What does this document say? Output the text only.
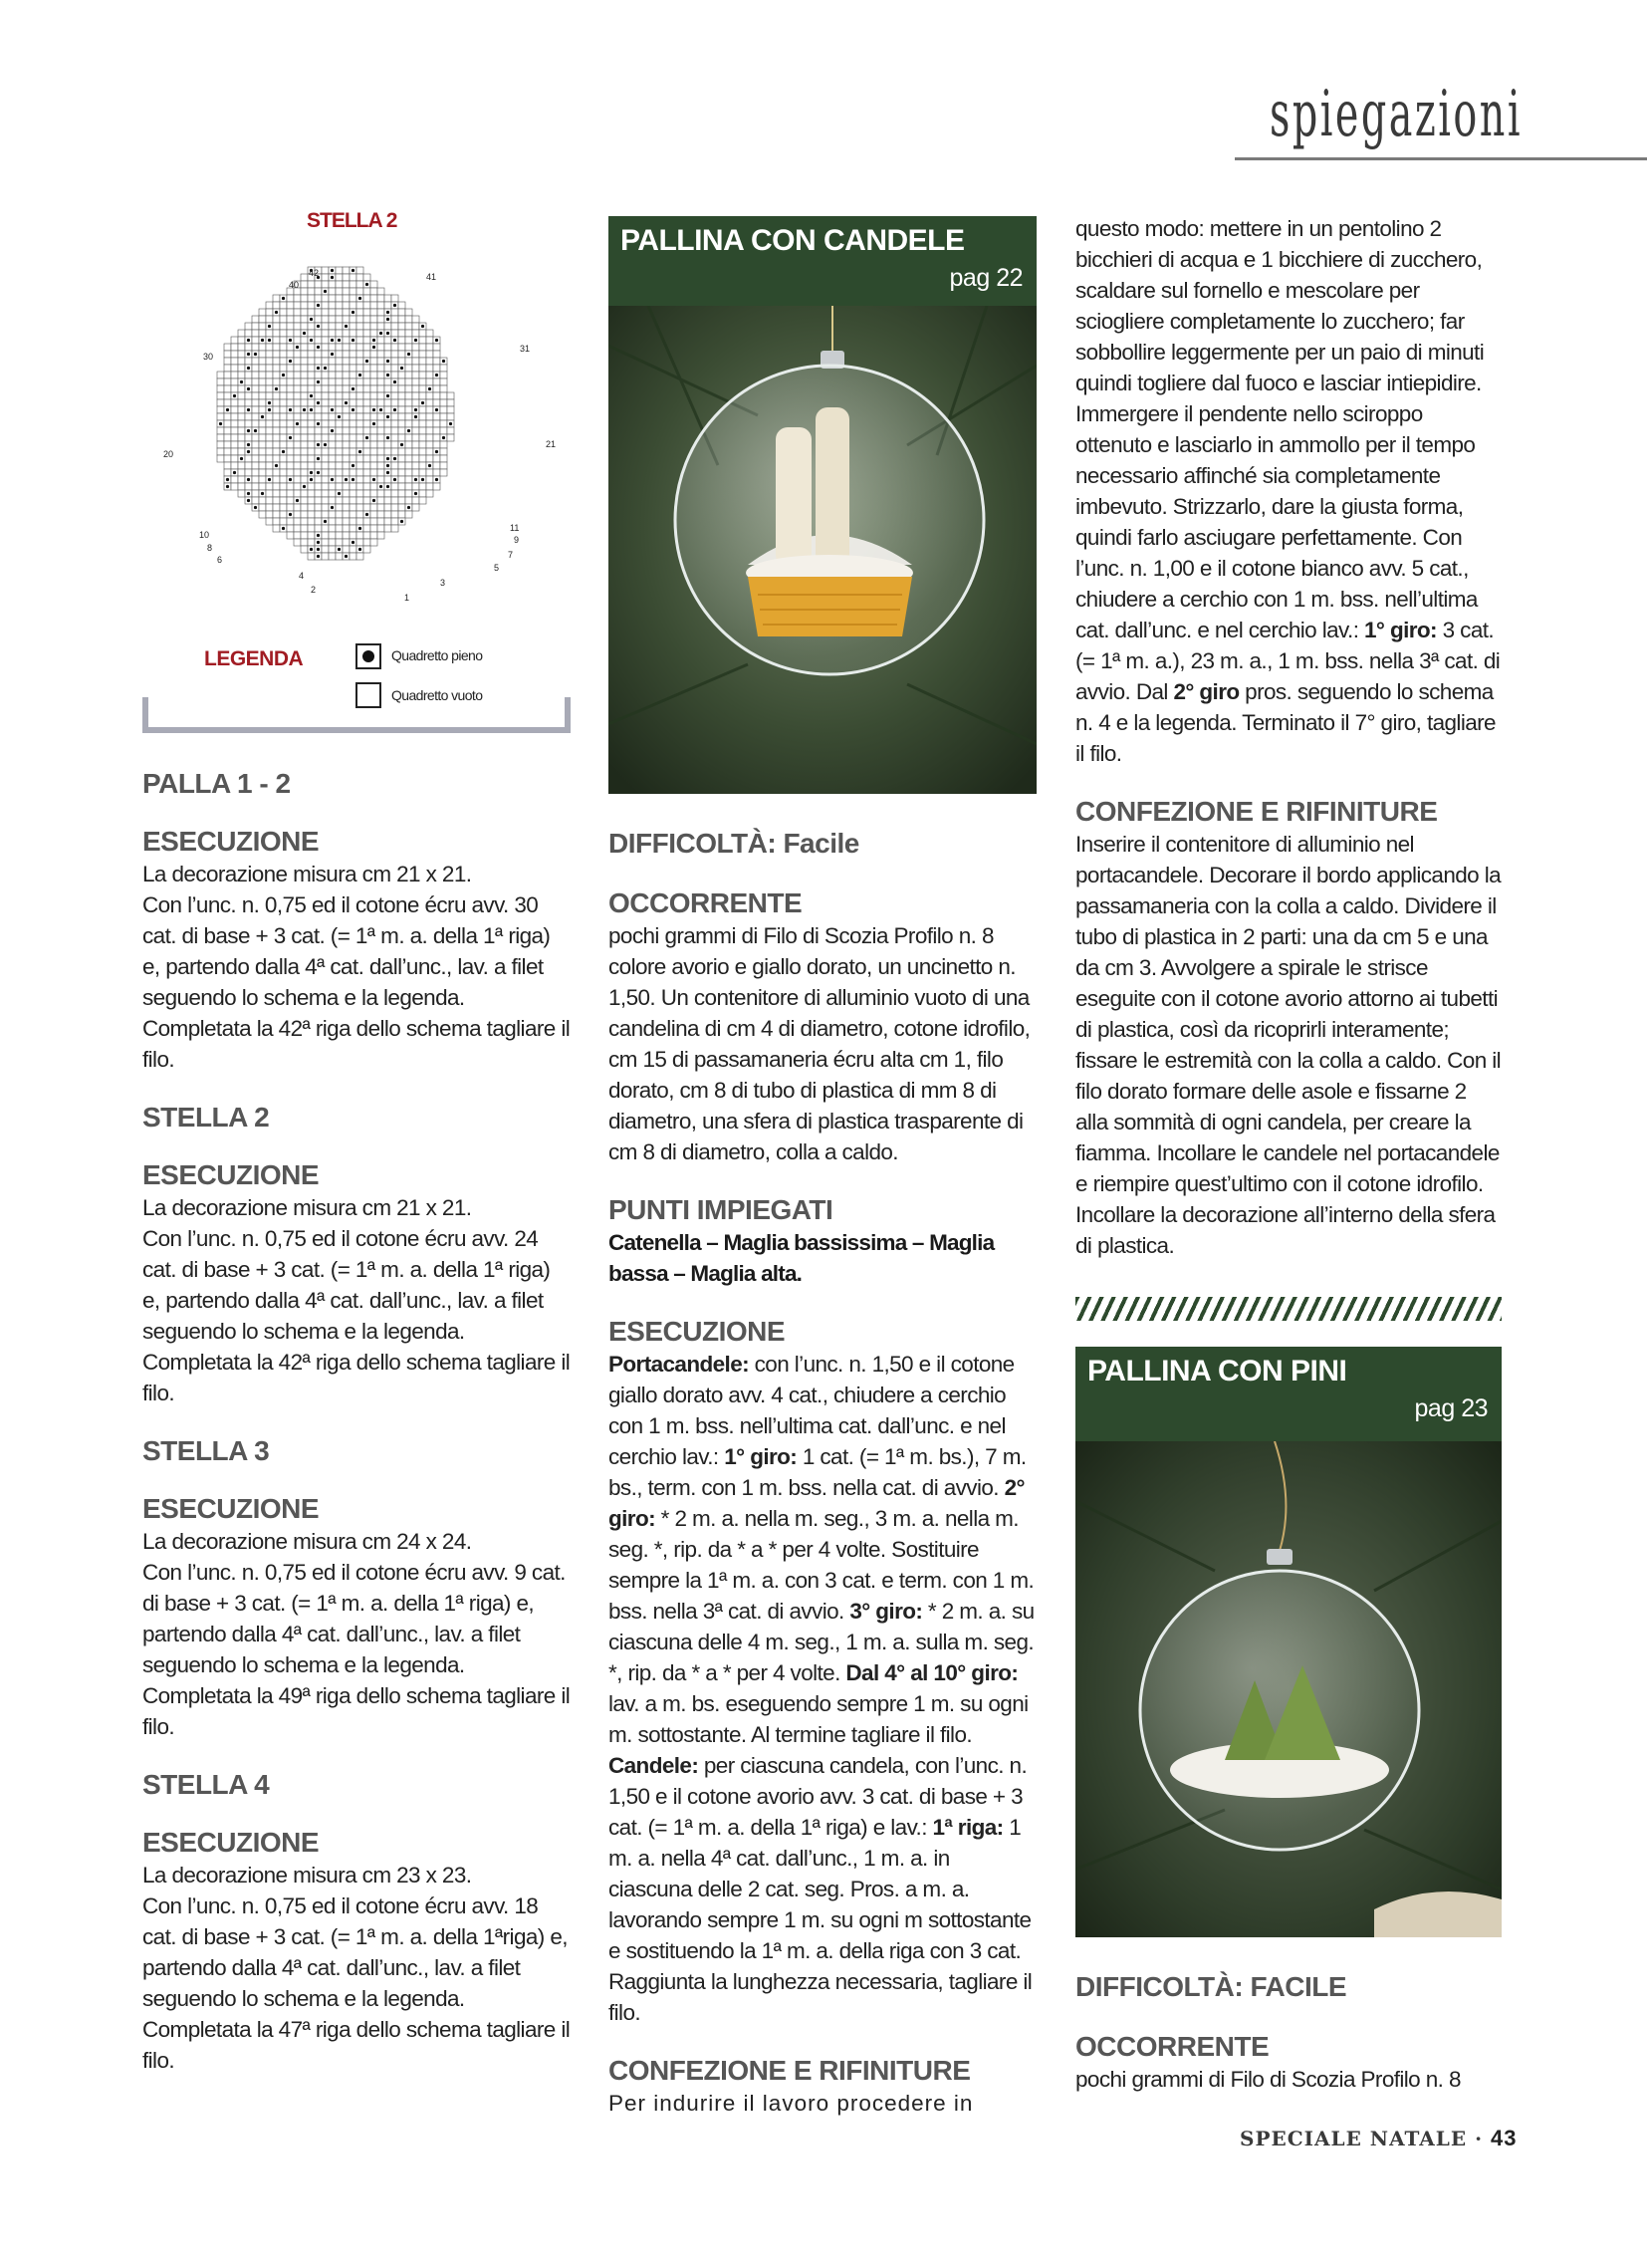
spiegazioni
STELLA 2
42	41
40
31
30
21
20
11
10	9
8
7
6
5
4
3
2
1
LEGENDA	Quadretto pieno
Quadretto vuoto

PALLA 1 - 2

ESECUZIONE

La decorazione misura cm 21 x 21.
Con l’unc. n. 0,75 ed il cotone écru avv. 30 cat. di base + 3 cat. (= 1ª m. a. della 1ª riga) e, partendo dalla 4ª cat. dall’unc., lav. a filet seguendo lo schema e la legenda. Completata la 42ª riga dello schema tagliare il filo.

STELLA 2

ESECUZIONE

La decorazione misura cm 21 x 21.
Con l’unc. n. 0,75 ed il cotone écru avv. 24 cat. di base + 3 cat. (= 1ª m. a. della 1ª riga) e, partendo dalla 4ª cat. dall’unc., lav. a filet seguendo lo schema e la legenda. Completata la 42ª riga dello schema tagliare il filo.

STELLA 3

ESECUZIONE

La decorazione misura cm 24 x 24.
Con l’unc. n. 0,75 ed il cotone écru avv. 9 cat. di base + 3 cat. (= 1ª m. a. della 1ª riga) e, partendo dalla 4ª cat. dall’unc., lav. a filet seguendo lo schema e la legenda. Completata la 49ª riga dello schema tagliare il filo.

STELLA 4

ESECUZIONE

La decorazione misura cm 23 x 23.
Con l’unc. n. 0,75 ed il cotone écru avv. 18 cat. di base + 3 cat. (= 1ª m. a. della 1ªriga) e, partendo dalla 4ª cat. dall’unc., lav. a filet seguendo lo schema e la legenda. Completata la 47ª riga dello schema tagliare il filo.
PALLINA CON CANDELE
pag 22

DIFFICOLTÀ: Facile

OCCORRENTE

pochi grammi di Filo di Scozia Profilo n. 8 colore avorio e giallo dorato, un uncinetto n. 1,50. Un contenitore di alluminio vuoto di una candelina di cm 4 di diametro, cotone idrofilo, cm 15 di passamaneria écru alta cm 1, filo dorato, cm 8 di tubo di plastica di mm 8 di diametro, una sfera di plastica trasparente di cm 8 di diametro, colla a caldo.

PUNTI IMPIEGATI

Catenella – Maglia bassissima – Maglia bassa – Maglia alta.

ESECUZIONE

Portacandele: con l’unc. n. 1,50 e il cotone giallo dorato avv. 4 cat., chiudere a cerchio con 1 m. bss. nell’ultima cat. dall’unc. e nel cerchio lav.: 1° giro: 1 cat. (= 1ª m. bs.), 7 m. bs., term. con 1 m. bss. nella cat. di avvio. 2° giro: * 2 m. a. nella m. seg., 3 m. a. nella m. seg. *, rip. da * a * per 4 volte. Sostituire sempre la 1ª m. a. con 3 cat. e term. con 1 m. bss. nella 3ª cat. di avvio. 3° giro: * 2 m. a. su ciascuna delle 4 m. seg., 1 m. a. sulla m. seg. *, rip. da * a * per 4 volte. Dal 4° al 10° giro: lav. a m. bs. eseguendo sempre 1 m. su ogni m. sottostante. Al termine tagliare il filo.
Candele: per ciascuna candela, con l’unc. n. 1,50 e il cotone avorio avv. 3 cat. di base + 3 cat. (= 1ª m. a. della 1ª riga) e lav.: 1ª riga: 1 m. a. nella 4ª cat. dall’unc., 1 m. a. in ciascuna delle 2 cat. seg. Pros. a m. a. lavorando sempre 1 m. su ogni m sottostante e sostituendo la 1ª m. a. della riga con 3 cat. Raggiunta la lunghezza necessaria, tagliare il filo.

CONFEZIONE E RIFINITURE

Per indurire il lavoro procedere in
questo modo: mettere in un pentolino 2 bicchieri di acqua e 1 bicchiere di zucchero, scaldare sul fornello e mescolare per sciogliere completamente lo zucchero; far sobbollire leggermente per un paio di minuti quindi togliere dal fuoco e lasciar intiepidire. Immergere il pendente nello sciroppo ottenuto e lasciarlo in ammollo per il tempo necessario affinché sia completamente imbevuto. Strizzarlo, dare la giusta forma, quindi farlo asciugare perfettamente. Con l’unc. n. 1,00 e il cotone bianco avv. 5 cat., chiudere a cerchio con 1 m. bss. nell’ultima cat. dall’unc. e nel cerchio lav.: 1° giro: 3 cat. (= 1ª m. a.), 23 m. a., 1 m. bss. nella 3ª cat. di avvio. Dal 2° giro pros. seguendo lo schema n. 4 e la legenda. Terminato il 7° giro, tagliare il filo.

CONFEZIONE E RIFINITURE

Inserire il contenitore di alluminio nel portacandele. Decorare il bordo applicando la passamaneria con la colla a caldo. Dividere il tubo di plastica in 2 parti: una da cm 5 e una da cm 3. Avvolgere a spirale le strisce eseguite con il cotone avorio attorno ai tubetti di plastica, così da ricoprirli interamente; fissare le estremità con la colla a caldo. Con il filo dorato formare delle asole e fissarne 2 alla sommità di ogni candela, per creare la fiamma. Incollare le candele nel portacandele e riempire quest’ultimo con il cotone idrofilo. Incollare la decorazione all’interno della sfera di plastica.
PALLINA CON PINI
pag 23

DIFFICOLTÀ: FACILE

OCCORRENTE

pochi grammi di Filo di Scozia Profilo n. 8
SPECIALE NATALE · 43
